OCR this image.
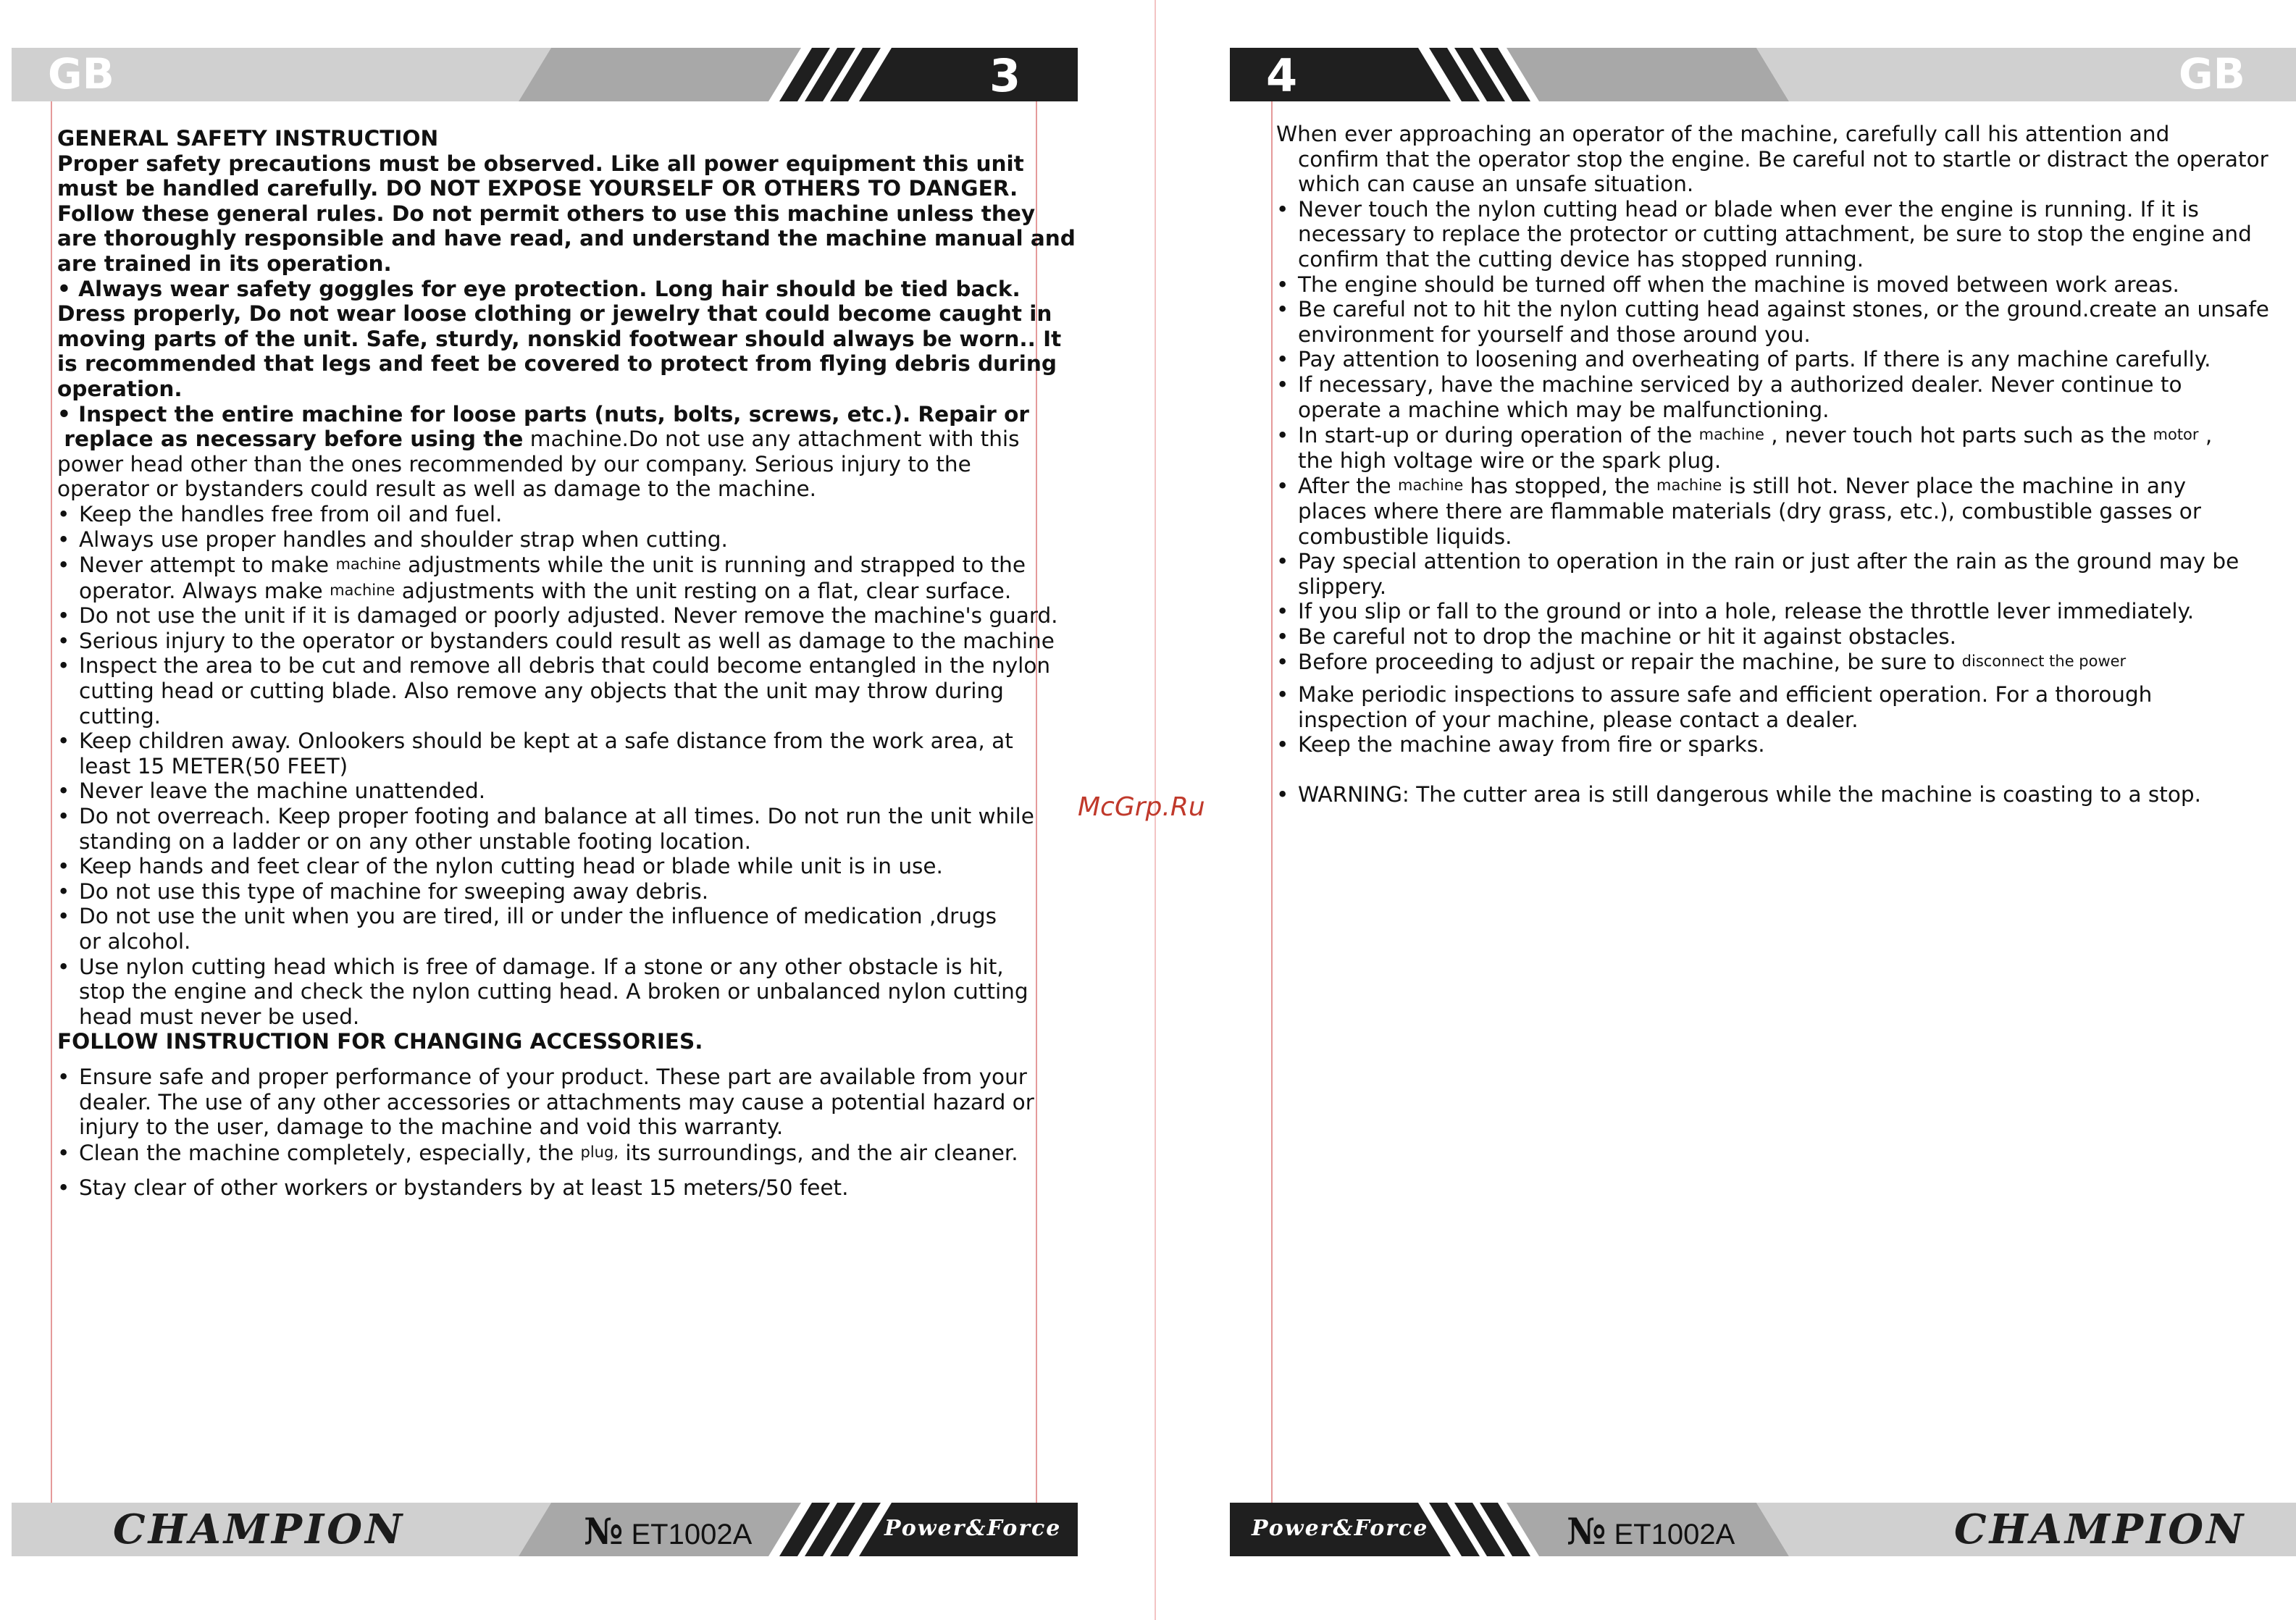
GB	3

GENERAL SAFETY INSTRUCTION

Proper safety precautions must be observed. Like all power equipment this unit

must be handled carefully. DO NOT EXPOSE YOURSELF OR OTHERS TO DANGER.

Follow these general rules. Do not permit others to use this machine unless they

are thoroughly responsible and have read, and understand the machine manual and

are trained in its operation.

• Always wear safety goggles for eye protection. Long hair should be tied back.

Dress properly, Do not wear loose clothing or jewelry that could become caught in

moving parts of the unit. Safe, sturdy, nonskid footwear should always be worn.. It

is recommended that legs and feet be covered to protect from flying debris during

operation.

• Inspect the entire machine for loose parts (nuts, bolts, screws, etc.). Repair or

replace as necessary before using the machine.Do not use any attachment with this

power head other than the ones recommended by our company. Serious injury to the

operator or bystanders could result as well as damage to the machine.

• Keep the handles free from oil and fuel.

• Always use proper handles and shoulder strap when cutting.

• Never attempt to make machine adjustments while the unit is running and strapped to the

operator. Always make machine adjustments with the unit resting on a flat, clear surface.

• Do not use the unit if it is damaged or poorly adjusted. Never remove the machine's guard.

• Serious injury to the operator or bystanders could result as well as damage to the machine

• Inspect the area to be cut and remove all debris that could become entangled in the nylon

cutting head or cutting blade. Also remove any objects that the unit may throw during

cutting.

• Keep children away. Onlookers should be kept at a safe distance from the work area, at

least 15 METER(50 FEET)

• Never leave the machine unattended.

• Do not overreach. Keep proper footing and balance at all times. Do not run the unit while

standing on a ladder or on any other unstable footing location.

• Keep hands and feet clear of the nylon cutting head or blade while unit is in use.

• Do not use this type of machine for sweeping away debris.

• Do not use the unit when you are tired, ill or under the influence of medication ,drugs

or alcohol.

• Use nylon cutting head which is free of damage. If a stone or any other obstacle is hit,

stop the engine and check the nylon cutting head. A broken or unbalanced nylon cutting

head must never be used.

FOLLOW INSTRUCTION FOR CHANGING ACCESSORIES.

• Ensure safe and proper performance of your product. These part are available from your

dealer. The use of any other accessories or attachments may cause a potential hazard or

injury to the user, damage to the machine and void this warranty.

• Clean the machine completely, especially, the plug, its surroundings, and the air cleaner.

• Stay clear of other workers or bystanders by at least 15 meters/50 feet.

CHAMPION	№ ET1002A	Power&Force
McGrp.Ru
4	GB

When ever approaching an operator of the machine, carefully call his attention and

confirm that the operator stop the engine. Be careful not to startle or distract the operator

which can cause an unsafe situation.

• Never touch the nylon cutting head or blade when ever the engine is running. If it is

necessary to replace the protector or cutting attachment, be sure to stop the engine and

confirm that the cutting device has stopped running.

• The engine should be turned off when the machine is moved between work areas.

• Be careful not to hit the nylon cutting head against stones, or the ground.create an unsafe

environment for yourself and those around you.

• Pay attention to loosening and overheating of parts. If there is any machine carefully.

• If necessary, have the machine serviced by a authorized dealer. Never continue to

operate a machine which may be malfunctioning.

• In start-up or during operation of the machine , never touch hot parts such as the motor ,

the high voltage wire or the spark plug.

• After the machine has stopped, the machine is still hot. Never place the machine in any

places where there are flammable materials (dry grass, etc.), combustible gasses or

combustible liquids.

• Pay special attention to operation in the rain or just after the rain as the ground may be

slippery.

• If you slip or fall to the ground or into a hole, release the throttle lever immediately.

• Be careful not to drop the machine or hit it against obstacles.

• Before proceeding to adjust or repair the machine, be sure to disconnect the power

• Make periodic inspections to assure safe and efficient operation. For a thorough

inspection of your machine, please contact a dealer.

• Keep the machine away from fire or sparks.

• WARNING: The cutter area is still dangerous while the machine is coasting to a stop.

Power&Force	№ ET1002A	CHAMPION
